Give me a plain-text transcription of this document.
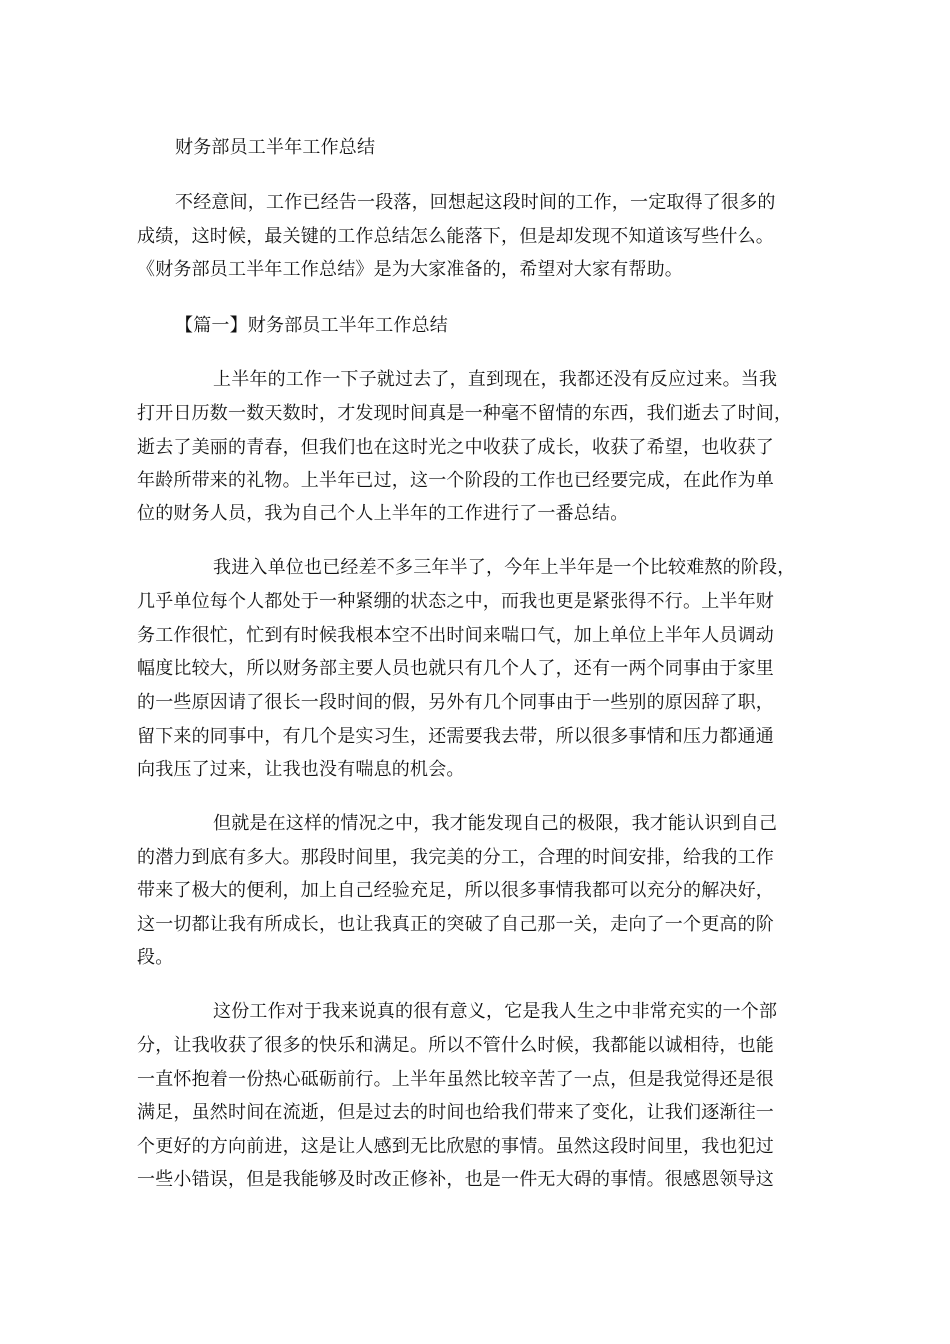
财务部员工半年工作总结
不经意间，工作已经告一段落，回想起这段时间的工作，一定取得了很多的
成绩，这时候，最关键的工作总结怎么能落下，但是却发现不知道该写些什么。
《财务部员工半年工作总结》是为大家准备的，希望对大家有帮助。
【篇一】财务部员工半年工作总结
上半年的工作一下子就过去了，直到现在，我都还没有反应过来。当我
打开日历数一数天数时，才发现时间真是一种毫不留情的东西，我们逝去了时间，
逝去了美丽的青春，但我们也在这时光之中收获了成长，收获了希望，也收获了
年龄所带来的礼物。上半年已过，这一个阶段的工作也已经要完成，在此作为单
位的财务人员，我为自己个人上半年的工作进行了一番总结。
我进入单位也已经差不多三年半了，今年上半年是一个比较难熬的阶段，
几乎单位每个人都处于一种紧绷的状态之中，而我也更是紧张得不行。上半年财
务工作很忙，忙到有时候我根本空不出时间来喘口气，加上单位上半年人员调动
幅度比较大，所以财务部主要人员也就只有几个人了，还有一两个同事由于家里
的一些原因请了很长一段时间的假，另外有几个同事由于一些别的原因辞了职，
留下来的同事中，有几个是实习生，还需要我去带，所以很多事情和压力都通通
向我压了过来，让我也没有喘息的机会。
但就是在这样的情况之中，我才能发现自己的极限，我才能认识到自己
的潜力到底有多大。那段时间里，我完美的分工，合理的时间安排，给我的工作
带来了极大的便利，加上自己经验充足，所以很多事情我都可以充分的解决好，
这一切都让我有所成长，也让我真正的突破了自己那一关，走向了一个更高的阶
段。
这份工作对于我来说真的很有意义，它是我人生之中非常充实的一个部
分，让我收获了很多的快乐和满足。所以不管什么时候，我都能以诚相待，也能
一直怀抱着一份热心砥砺前行。上半年虽然比较辛苦了一点，但是我觉得还是很
满足，虽然时间在流逝，但是过去的时间也给我们带来了变化，让我们逐渐往一
个更好的方向前进，这是让人感到无比欣慰的事情。虽然这段时间里，我也犯过
一些小错误，但是我能够及时改正修补，也是一件无大碍的事情。很感恩领导这
